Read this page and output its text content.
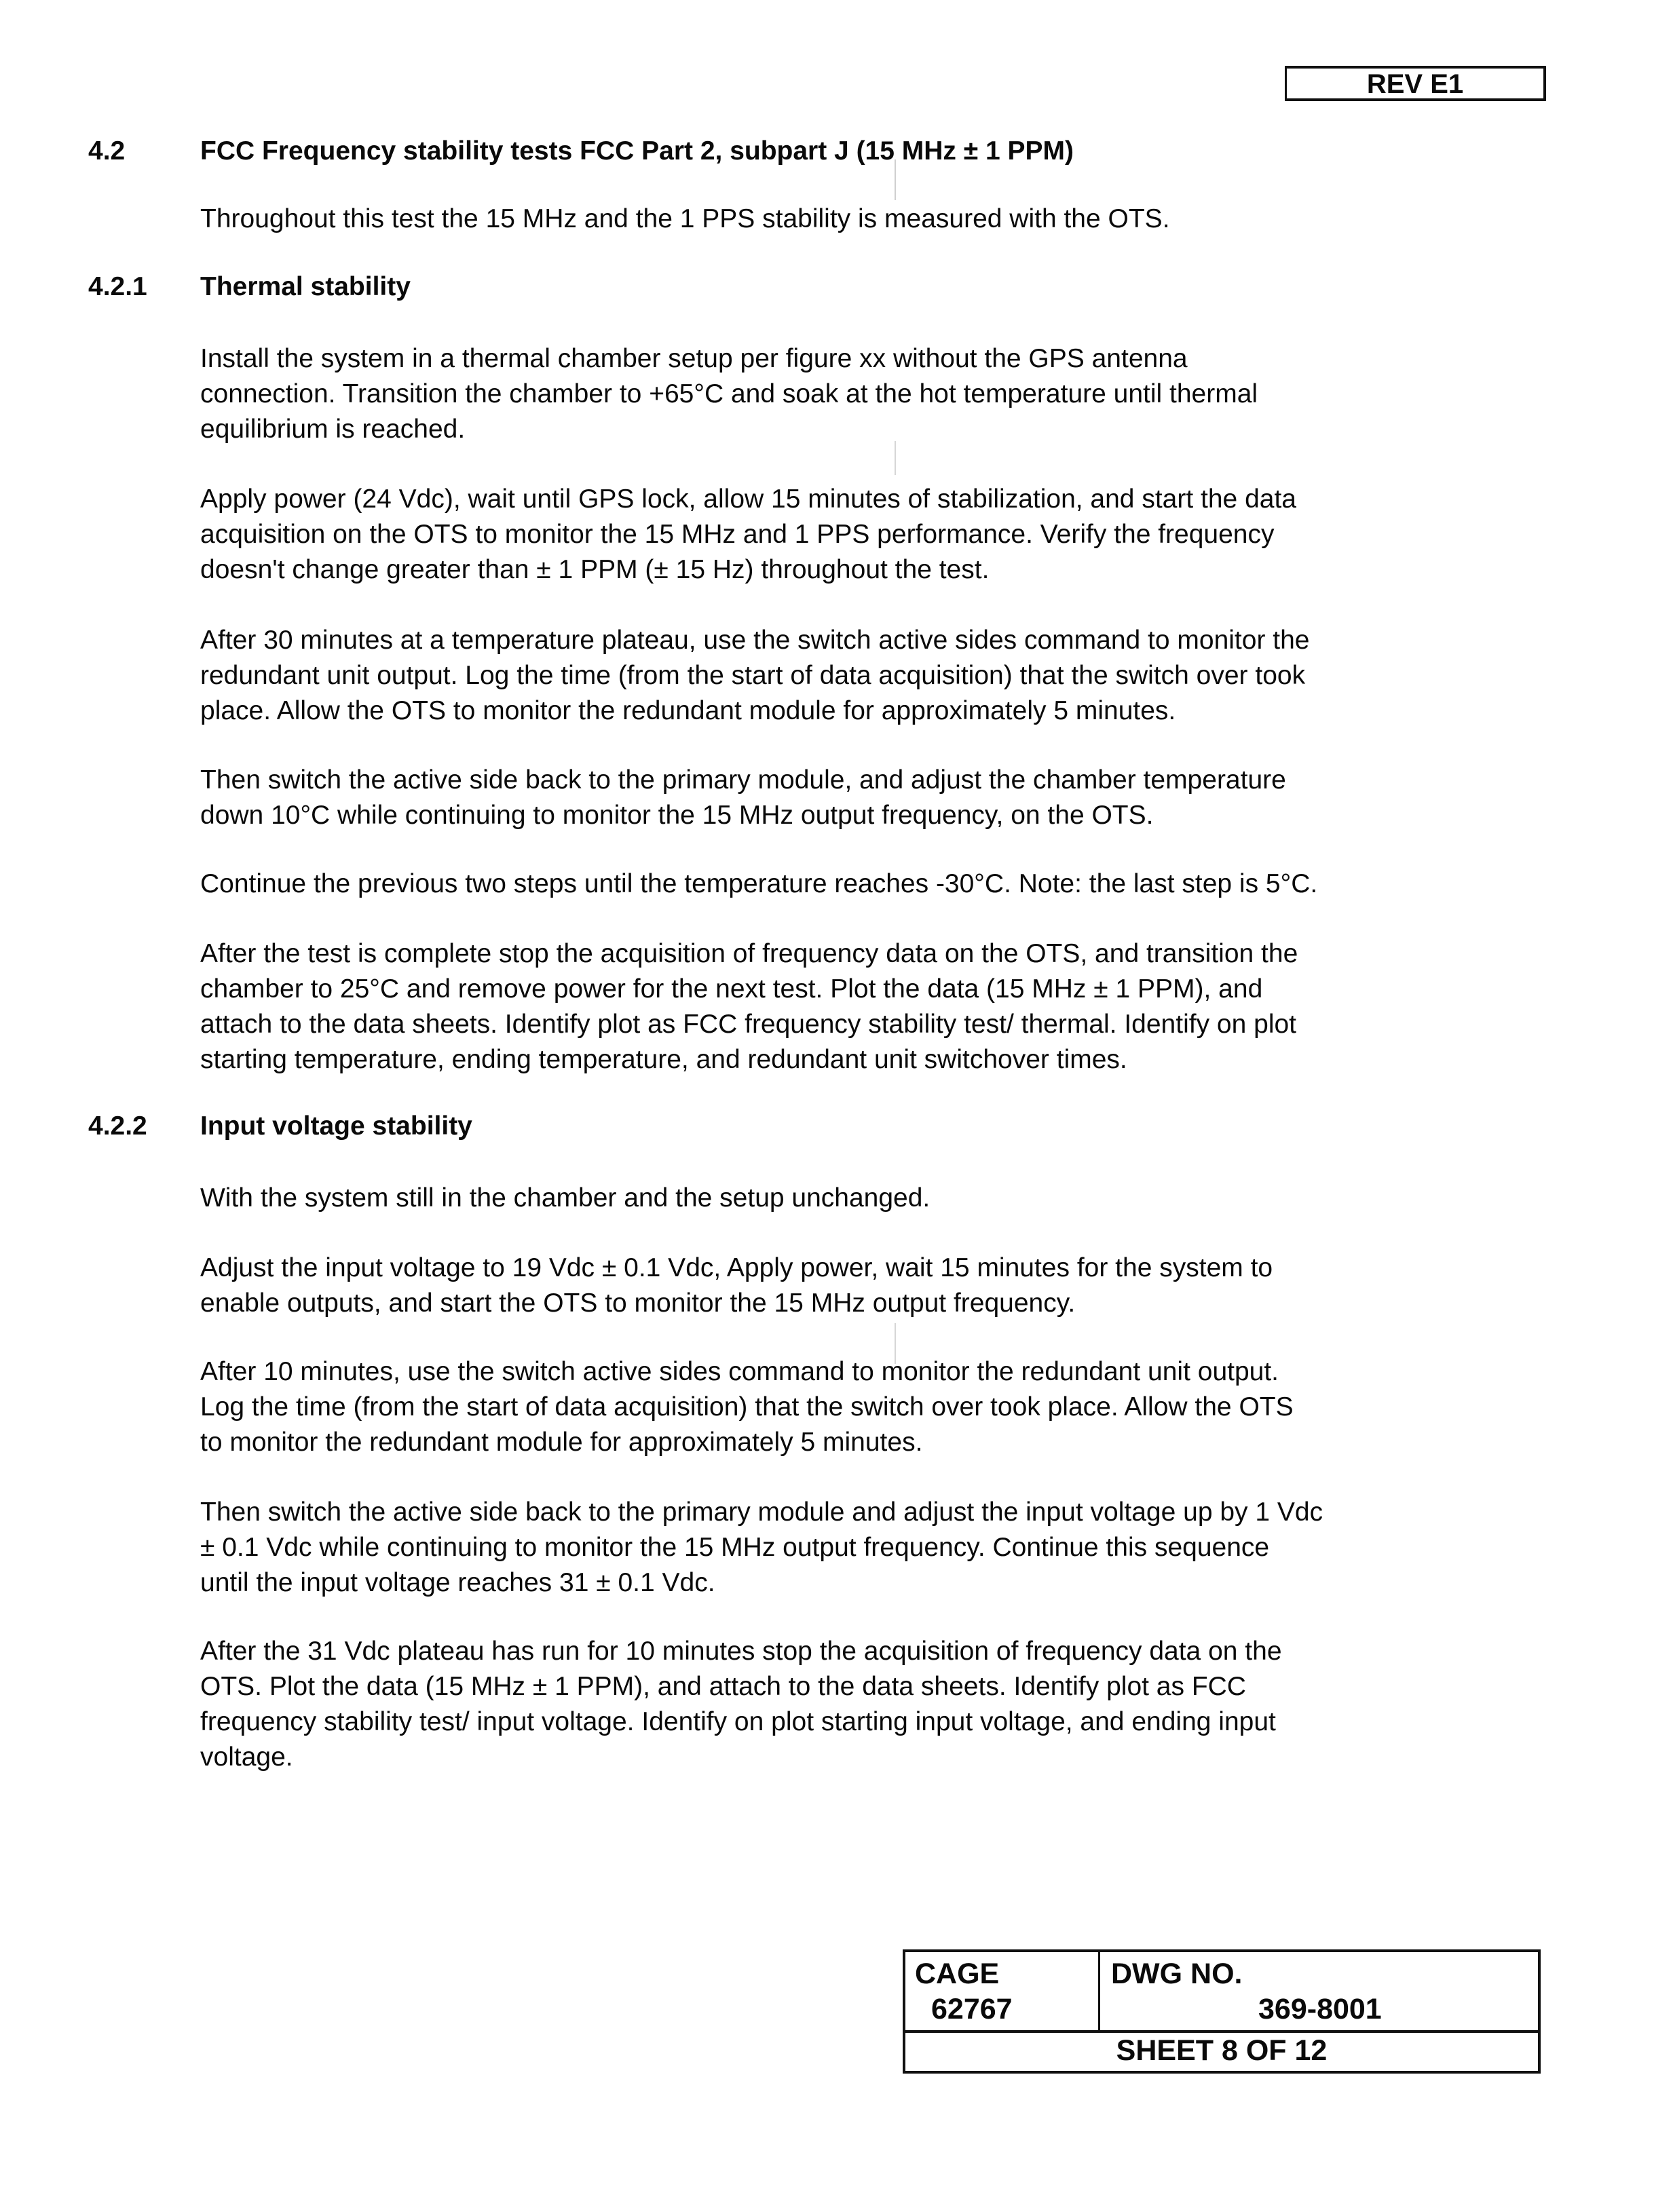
REV E1
4.2	FCC Frequency stability tests FCC Part 2, subpart J (15 MHz ± 1 PPM)
Throughout this test the 15 MHz and the 1 PPS stability is measured with the OTS.
4.2.1 Thermal stability
Install the system in a thermal chamber setup per figure xx without the GPS antenna
connection. Transition the chamber to +65°C and soak at the hot temperature until thermal
equilibrium is reached.
Apply power (24 Vdc), wait until GPS lock, allow 15 minutes of stabilization, and start the data
acquisition on the OTS to monitor the 15 MHz and 1 PPS performance. Verify the frequency
doesn't change greater than ± 1 PPM (± 15 Hz) throughout the test.
After 30 minutes at a temperature plateau, use the switch active sides command to monitor the
redundant unit output. Log the time (from the start of data acquisition) that the switch over took
place. Allow the OTS to monitor the redundant module for approximately 5 minutes.
Then switch the active side back to the primary module, and adjust the chamber temperature
down 10°C while continuing to monitor the 15 MHz output frequency, on the OTS.
Continue the previous two steps until the temperature reaches -30°C. Note: the last step is 5°C.
After the test is complete stop the acquisition of frequency data on the OTS, and transition the
chamber to 25°C and remove power for the next test. Plot the data (15 MHz ± 1 PPM), and
attach to the data sheets. Identify plot as FCC frequency stability test/ thermal. Identify on plot
starting temperature, ending temperature, and redundant unit switchover times.
4.2.2 Input voltage stability
With the system still in the chamber and the setup unchanged.
Adjust the input voltage to 19 Vdc ± 0.1 Vdc, Apply power, wait 15 minutes for the system to
enable outputs, and start the OTS to monitor the 15 MHz output frequency.
After 10 minutes, use the switch active sides command to monitor the redundant unit output.
Log the time (from the start of data acquisition) that the switch over took place. Allow the OTS
to monitor the redundant module for approximately 5 minutes.
Then switch the active side back to the primary module and adjust the input voltage up by 1 Vdc
± 0.1 Vdc while continuing to monitor the 15 MHz output frequency. Continue this sequence
until the input voltage reaches 31 ± 0.1 Vdc.
After the 31 Vdc plateau has run for 10 minutes stop the acquisition of frequency data on the
OTS. Plot the data (15 MHz ± 1 PPM), and attach to the data sheets. Identify plot as FCC
frequency stability test/ input voltage. Identify on plot starting input voltage, and ending input
voltage.
CAGE
62767
DWG NO.
369-8001
SHEET 8 OF 12
